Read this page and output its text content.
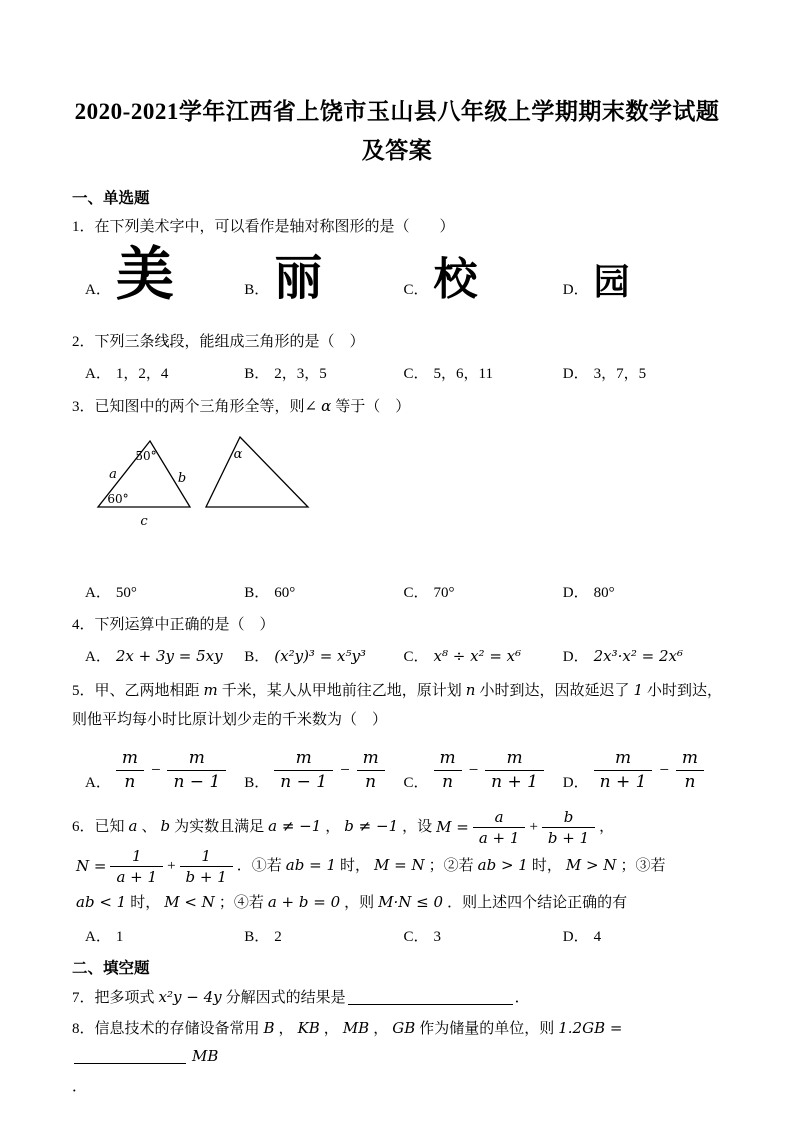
2020-2021学年江西省上饶市玉山县八年级上学期期末数学试题及答案
一、单选题

1．在下列美术字中，可以看作是轴对称图形的是（　　）

A． 美	B． 丽	C． 校	D． 园

2．下列三条线段，能组成三角形的是（　）

A． 1，2，4	B． 2，3，5	C． 5，6，11	D． 3，7，5

3．已知图中的两个三角形全等，则∠ α 等于（　）

50°
a	b
60°
c
α
A． 50°	B． 60°	C． 70°	D． 80°

4．下列运算中正确的是（　）

A． 2x + 3y = 5xy B． (x²y)³ = x⁵y³	C． x⁸ ÷ x² = x⁶	D． 2x³·x² = 2x⁶

5．甲、乙两地相距 m 千米，某人从甲地前往乙地，原计划 n 小时到达，因故延迟了 1 小时到达，则他平均每小时比原计划少走的千米数为（　）

A． $\frac{m}{n} - \frac{m}{n - 1}$ B． $\frac{m}{n - 1} - \frac{m}{n}$ C． $\frac{m}{n} - \frac{m}{n + 1}$ D． $\frac{m}{n + 1} - \frac{m}{n}$

6．已知 a 、 b 为实数且满足 a ≠ −1 ， b ≠ −1 ，设 $M = \frac{a}{a + 1} + \frac{b}{b + 1}$ ，
$N = \frac{1}{a + 1} + \frac{1}{b + 1}$ ．①若 ab = 1 时， M = N ；②若 ab > 1 时， M > N ；③若ab < 1 时， M < N ；④若 a + b = 0 ，则 M·N ≤ 0 ．则上述四个结论正确的有

A． 1	B． 2	C． 3	D． 4
二、填空题

7．把多项式 x²y − 4y 分解因式的结果是	．

8．信息技术的存储设备常用 B ， KB ， MB ， GB 作为储量的单位，则 1.2GB =MB

．
